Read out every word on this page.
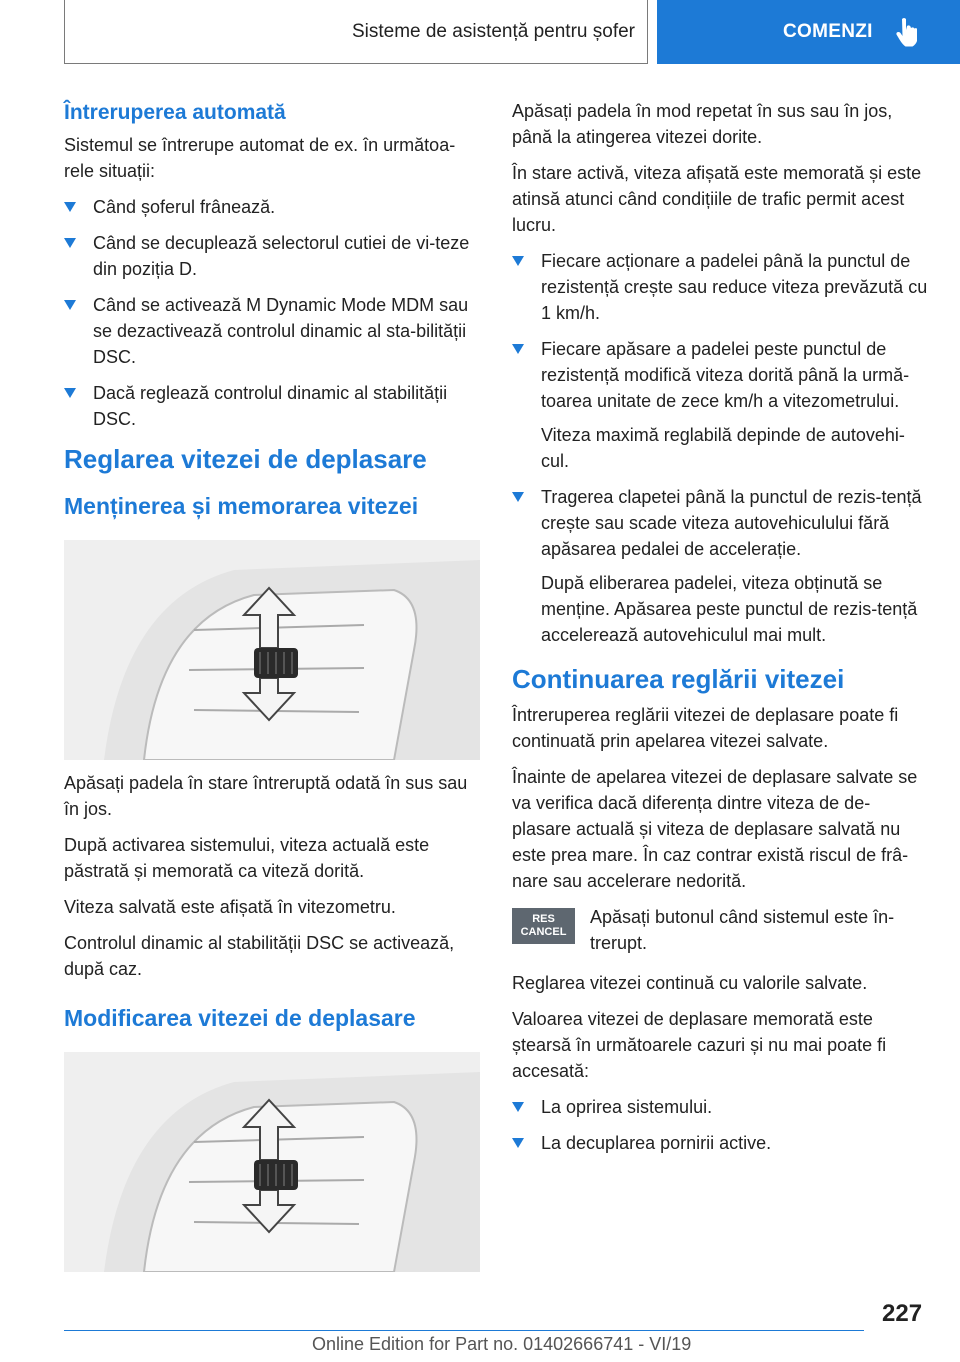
Sisteme de asistență pentru șofer	COMENZI
Întreruperea automată

Sistemul se întrerupe automat de ex. în următoa-rele situații:

Când șoferul frânează.
Când se decuplează selectorul cutiei de vi-teze din poziția D.
Când se activează M Dynamic Mode MDM sau se dezactivează controlul dinamic al sta-bilității DSC.
Dacă reglează controlul dinamic al stabilității DSC.
Reglarea vitezei de deplasare
Menținerea și memorarea vitezei

Apăsați padela în stare întreruptă odată în sus sau în jos.

După activarea sistemului, viteza actuală este păstrată și memorată ca viteză dorită.

Viteza salvată este afișată în vitezometru.

Controlul dinamic al stabilității DSC se activează, după caz.

Modificarea vitezei de deplasare

Apăsați padela în mod repetat în sus sau în jos, până la atingerea vitezei dorite.

În stare activă, viteza afișată este memorată și este atinsă atunci când condițiile de trafic permit acest lucru.

Fiecare acționare a padelei până la punctul de rezistență crește sau reduce viteza prevăzută cu 1 km/h.
Fiecare apăsare a padelei peste punctul de rezistență modifică viteza dorită până la urmă-toarea unitate de zece km/h a vitezometrului.
Viteza maximă reglabilă depinde de autovehi-cul.
Tragerea clapetei până la punctul de rezis-tență crește sau scade viteza autovehiculului fără apăsarea pedalei de accelerație.
După eliberarea padelei, viteza obținută se menține. Apăsarea peste punctul de rezis-tență accelerează autovehiculul mai mult.
Continuarea reglării vitezei

Întreruperea reglării vitezei de deplasare poate fi continuată prin apelarea vitezei salvate.

Înainte de apelarea vitezei de deplasare salvate se va verifica dacă diferența dintre viteza de de-plasare actuală și viteza de deplasare salvată nu este prea mare. În caz contrar există riscul de frâ-nare sau accelerare nedorită.

RES
CANCEL

Apăsați butonul când sistemul este în-trerupt.

Reglarea vitezei continuă cu valorile salvate.

Valoarea vitezei de deplasare memorată este ștearsă în următoarele cazuri și nu mai poate fi accesată:

La oprirea sistemului.
La decuplarea pornirii active.
227
Online Edition for Part no. 01402666741 - VI/19
